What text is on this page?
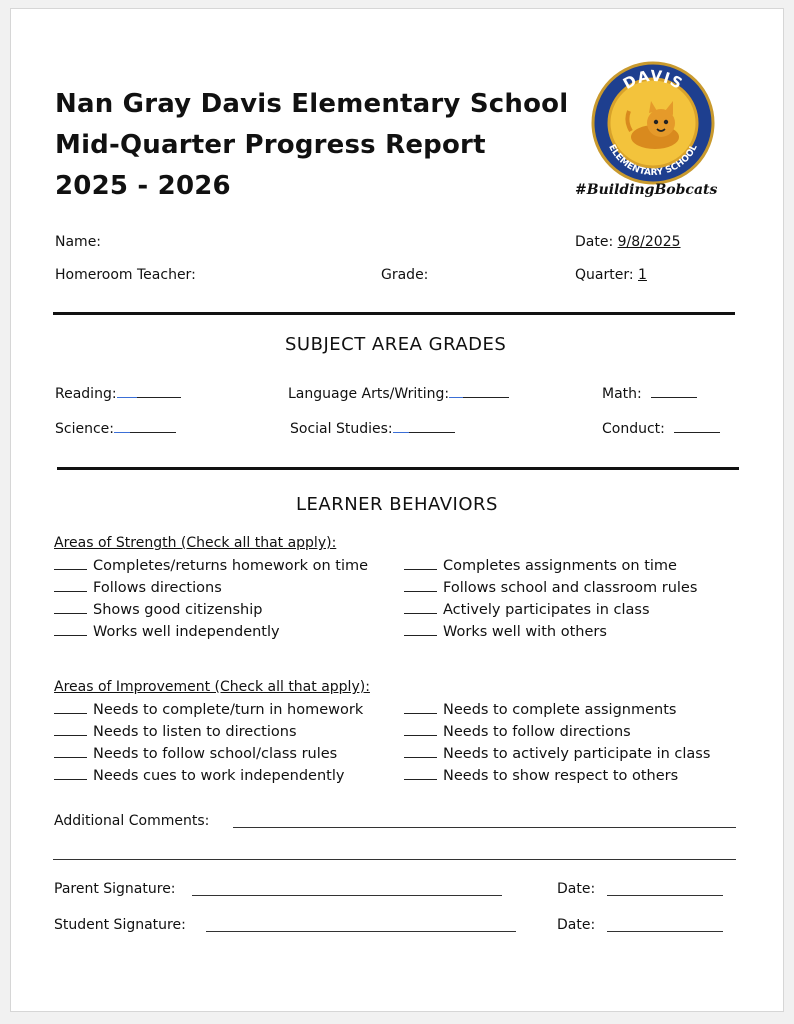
Nan Gray Davis Elementary School
Mid-Quarter Progress Report
2025 - 2026
DAVIS
ELEMENTARY SCHOOL
#BuildingBobcats
Name:	Date: 9/8/2025
Homeroom Teacher:	Grade:	Quarter: 1
SUBJECT AREA GRADES
Reading:	Language Arts/Writing:	Math:
Science:	Social Studies:	Conduct:
LEARNER BEHAVIORS
Areas of Strength (Check all that apply):
Completes/returns homework on time
Follows directions
Shows good citizenship
Works well independently
Completes assignments on time
Follows school and classroom rules
Actively participates in class
Works well with others
Areas of Improvement (Check all that apply):
Needs to complete/turn in homework
Needs to listen to directions
Needs to follow school/class rules
Needs cues to work independently
Needs to complete assignments
Needs to follow directions
Needs to actively participate in class
Needs to show respect to others
Additional Comments:
Parent Signature:	Date:
Student Signature:	Date:
